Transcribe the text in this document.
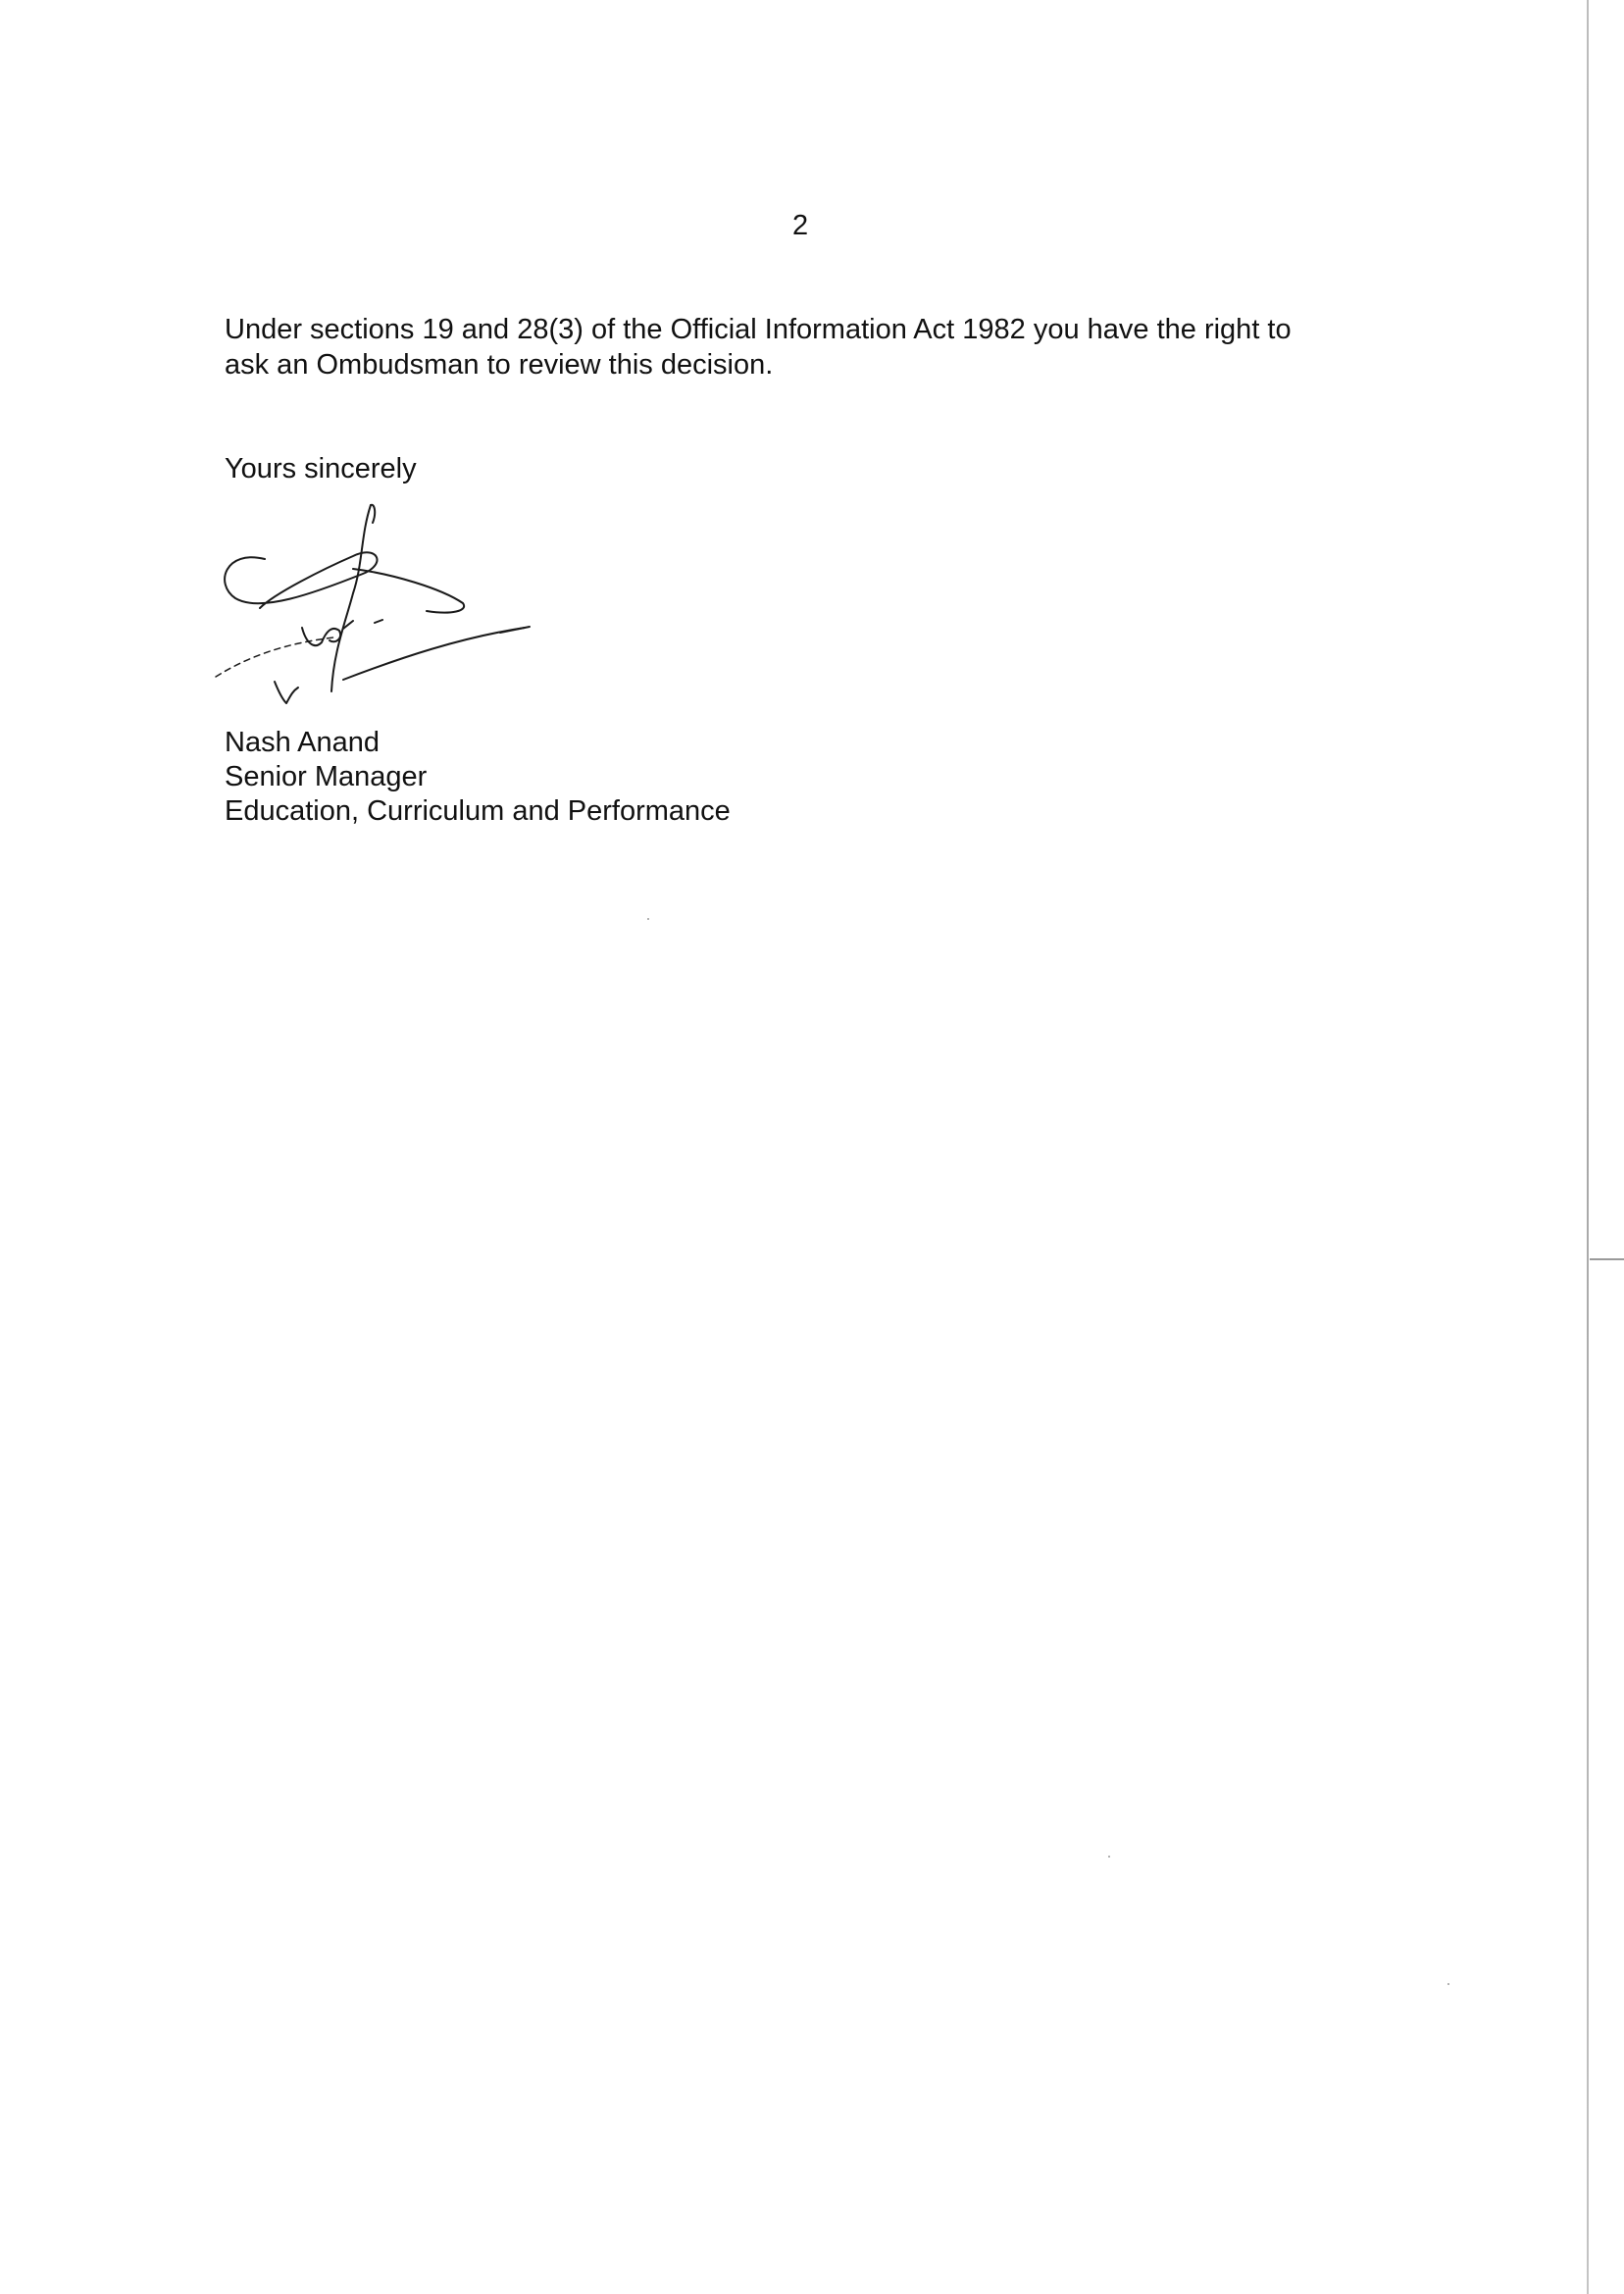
2
Under sections 19 and 28(3) of the Official Information Act 1982 you have the right to
ask an Ombudsman to review this decision.
Yours sincerely
Nash Anand
Senior Manager
Education, Curriculum and Performance
